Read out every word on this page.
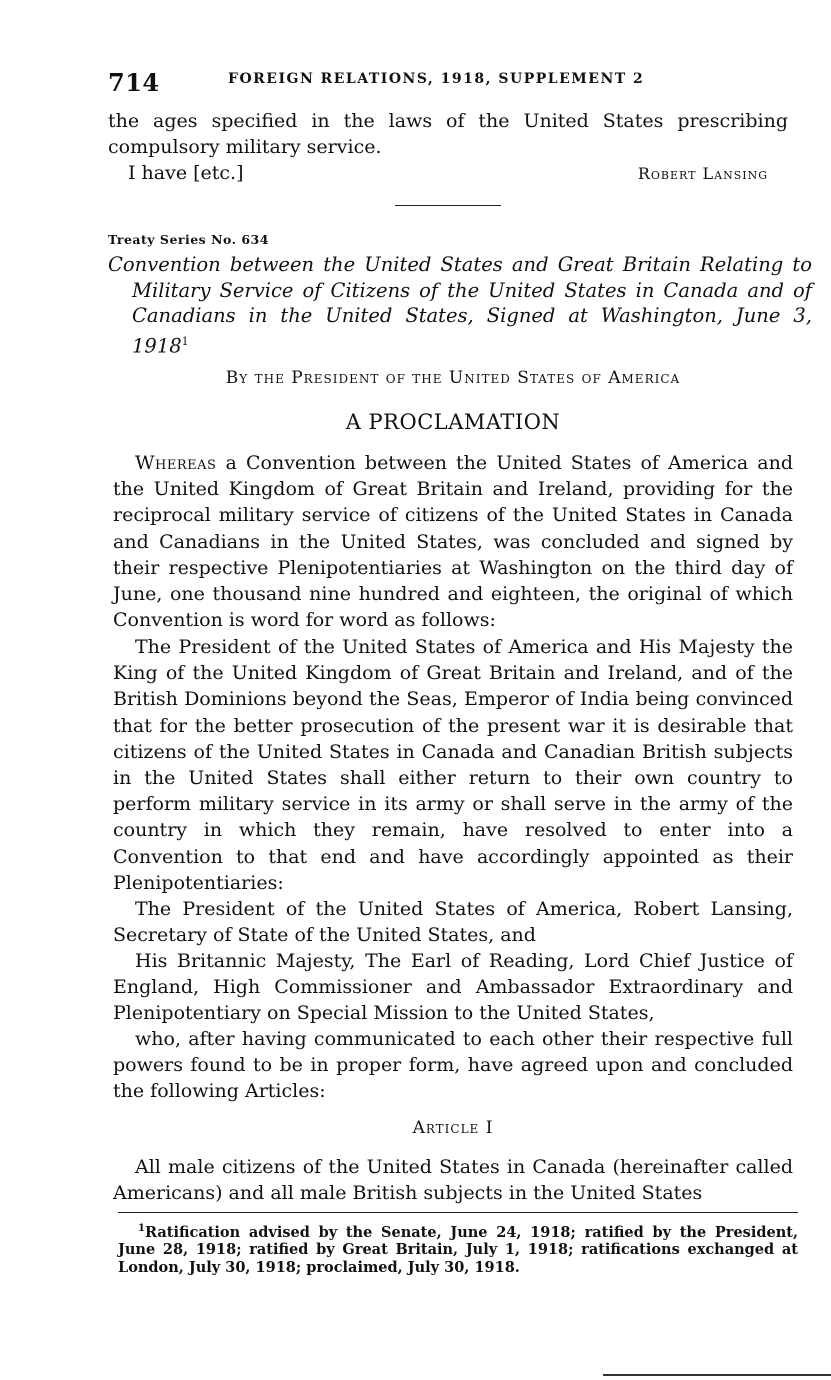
714	FOREIGN RELATIONS, 1918, SUPPLEMENT 2
the ages specified in the laws of the United States prescribing compulsory military service.
I have [etc.]	Robert Lansing
Treaty Series No. 634
Convention between the United States and Great Britain Relating to Military Service of Citizens of the United States in Canada and of Canadians in the United States, Signed at Washington, June 3, 1918$^1$
By the President of the United States of America
A PROCLAMATION
Whereas a Convention between the United States of America and the United Kingdom of Great Britain and Ireland, providing for the reciprocal military service of citizens of the United States in Canada and Canadians in the United States, was concluded and signed by their respective Plenipotentiaries at Washington on the third day of June, one thousand nine hundred and eighteen, the original of which Convention is word for word as follows:
The President of the United States of America and His Majesty the King of the United Kingdom of Great Britain and Ireland, and of the British Dominions beyond the Seas, Emperor of India being convinced that for the better prosecution of the present war it is desirable that citizens of the United States in Canada and Canadian British subjects in the United States shall either return to their own country to perform military service in its army or shall serve in the army of the country in which they remain, have resolved to enter into a Convention to that end and have accordingly appointed as their Plenipotentiaries:
The President of the United States of America, Robert Lansing, Secretary of State of the United States, and
His Britannic Majesty, The Earl of Reading, Lord Chief Justice of England, High Commissioner and Ambassador Extraordinary and Plenipotentiary on Special Mission to the United States,
who, after having communicated to each other their respective full powers found to be in proper form, have agreed upon and concluded the following Articles:
Article I
All male citizens of the United States in Canada (hereinafter called Americans) and all male British subjects in the United States
$^1$Ratification advised by the Senate, June 24, 1918; ratified by the President, June 28, 1918; ratified by Great Britain, July 1, 1918; ratifications exchanged at London, July 30, 1918; proclaimed, July 30, 1918.
